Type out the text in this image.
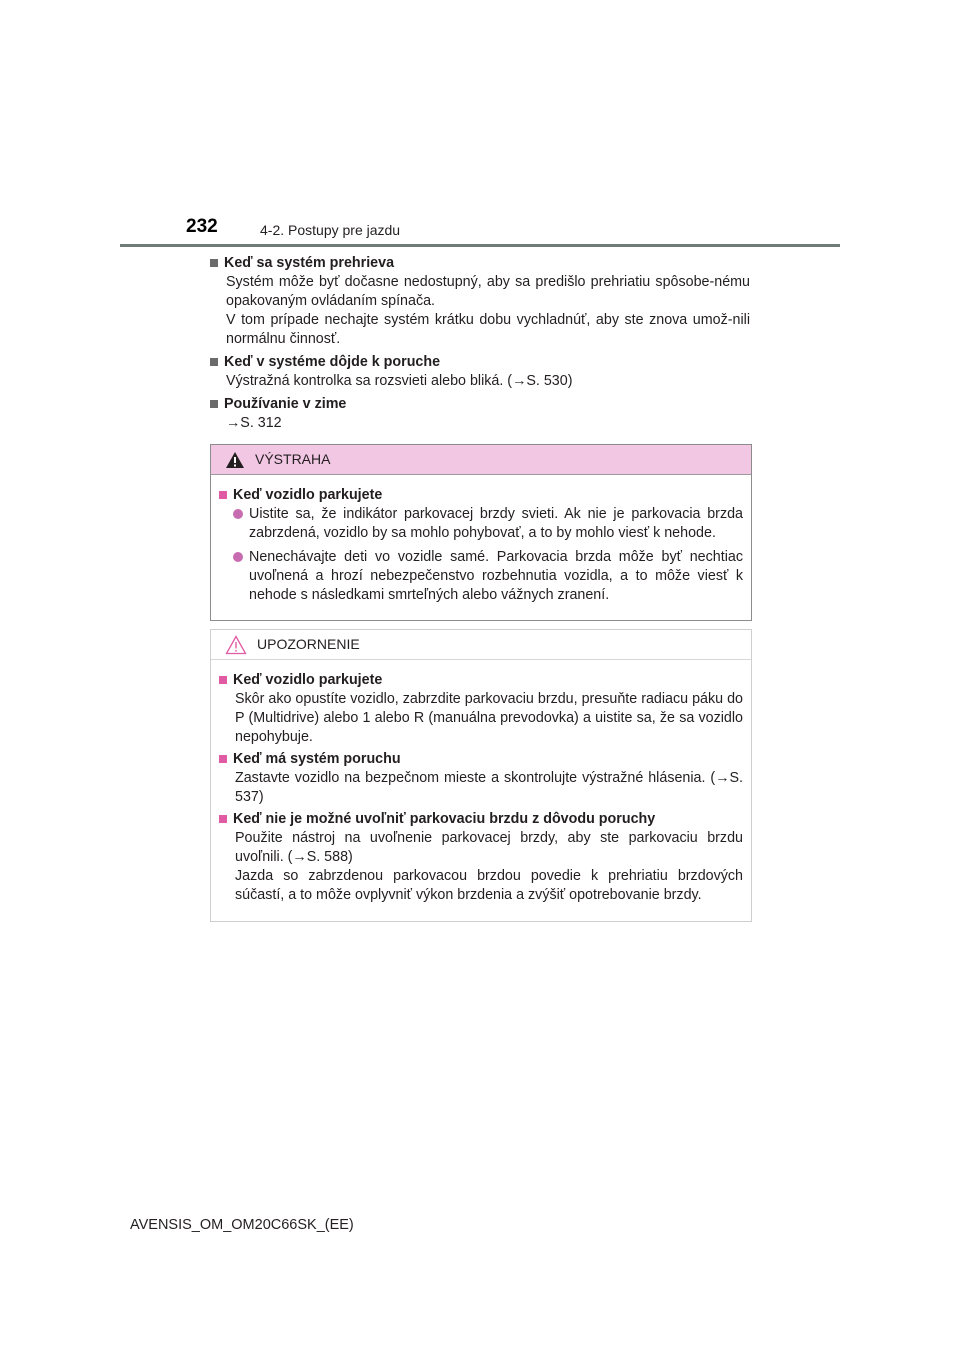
232	4-2. Postupy pre jazdu
Keď sa systém prehrieva

Systém môže byť dočasne nedostupný, aby sa predišlo prehriatiu spôsobe-nému opakovaným ovládaním spínača.

V tom prípade nechajte systém krátku dobu vychladnúť, aby ste znova umož-nili normálnu činnosť.

Keď v systéme dôjde k poruche

Výstražná kontrolka sa rozsvieti alebo bliká. (→S. 530)

Používanie v zime

→S. 312

VÝSTRAHA
Keď vozidlo parkujete
Uistite sa, že indikátor parkovacej brzdy svieti. Ak nie je parkovacia brzda zabrzdená, vozidlo by sa mohlo pohybovať, a to by mohlo viesť k nehode.
Nenechávajte deti vo vozidle samé. Parkovacia brzda môže byť nechtiac uvoľnená a hrozí nebezpečenstvo rozbehnutia vozidla, a to môže viesť k nehode s následkami smrteľných alebo vážnych zranení.
UPOZORNENIE
Keď vozidlo parkujete

Skôr ako opustíte vozidlo, zabrzdite parkovaciu brzdu, presuňte radiacu páku do P (Multidrive) alebo 1 alebo R (manuálna prevodovka) a uistite sa, že sa vozidlo nepohybuje.

Keď má systém poruchu

Zastavte vozidlo na bezpečnom mieste a skontrolujte výstražné hlásenia. (→S. 537)

Keď nie je možné uvoľniť parkovaciu brzdu z dôvodu poruchy

Použite nástroj na uvoľnenie parkovacej brzdy, aby ste parkovaciu brzdu uvoľnili. (→S. 588)

Jazda so zabrzdenou parkovacou brzdou povedie k prehriatiu brzdových súčastí, a to môže ovplyvniť výkon brzdenia a zvýšiť opotrebovanie brzdy.

AVENSIS_OM_OM20C66SK_(EE)
